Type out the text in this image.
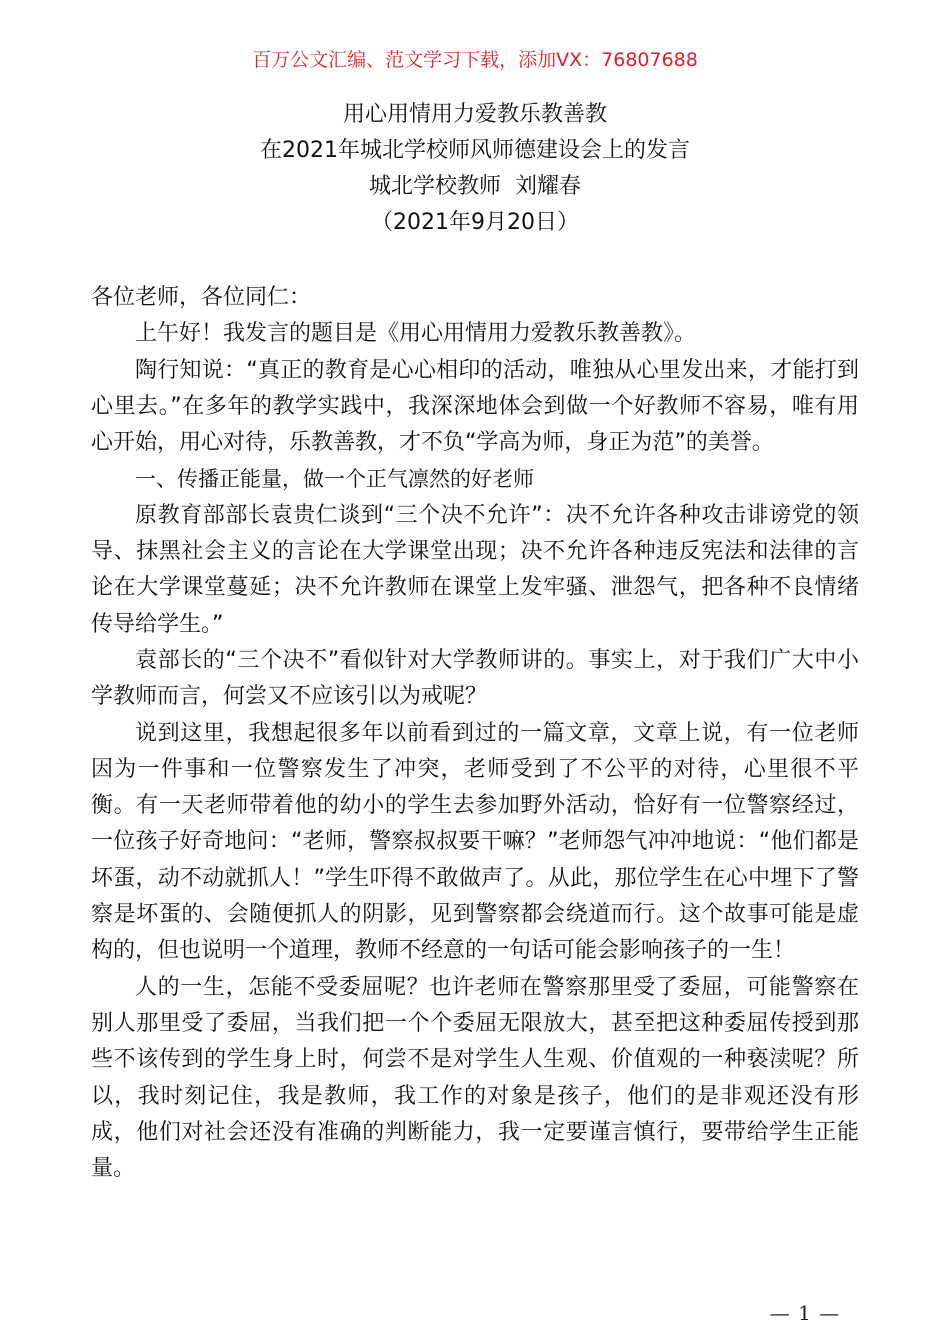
百万公文汇编、范文学习下载，添加VX：76807688
用心用情用力爱教乐教善教
在2021年城北学校师风师德建设会上的发言
城北学校教师  刘耀春
（2021年9月20日）

各位老师，各位同仁：

上午好！我发言的题目是《用心用情用力爱教乐教善教》。

陶行知说：“真正的教育是心心相印的活动，唯独从心里发出来，才能打到心里去。”在多年的教学实践中，我深深地体会到做一个好教师不容易，唯有用心开始，用心对待，乐教善教，才不负“学高为师，身正为范”的美誉。

一、传播正能量，做一个正气凛然的好老师

原教育部部长袁贵仁谈到“三个决不允许”：决不允许各种攻击诽谤党的领导、抹黑社会主义的言论在大学课堂出现；决不允许各种违反宪法和法律的言论在大学课堂蔓延；决不允许教师在课堂上发牢骚、泄怨气，把各种不良情绪传导给学生。”

袁部长的“三个决不”看似针对大学教师讲的。事实上，对于我们广大中小学教师而言，何尝又不应该引以为戒呢？

说到这里，我想起很多年以前看到过的一篇文章，文章上说，有一位老师因为一件事和一位警察发生了冲突，老师受到了不公平的对待，心里很不平衡。有一天老师带着他的幼小的学生去参加野外活动，恰好有一位警察经过，一位孩子好奇地问：“老师，警察叔叔要干嘛？”老师怨气冲冲地说：“他们都是坏蛋，动不动就抓人！”学生吓得不敢做声了。从此，那位学生在心中埋下了警察是坏蛋的、会随便抓人的阴影，见到警察都会绕道而行。这个故事可能是虚构的，但也说明一个道理，教师不经意的一句话可能会影响孩子的一生！

人的一生，怎能不受委屈呢？也许老师在警察那里受了委屈，可能警察在别人那里受了委屈，当我们把一个个委屈无限放大，甚至把这种委屈传授到那些不该传到的学生身上时，何尝不是对学生人生观、价值观的一种亵渎呢？所以，我时刻记住，我是教师，我工作的对象是孩子，他们的是非观还没有形成，他们对社会还没有准确的判断能力，我一定要谨言慎行，要带给学生正能量。

— 1 —
